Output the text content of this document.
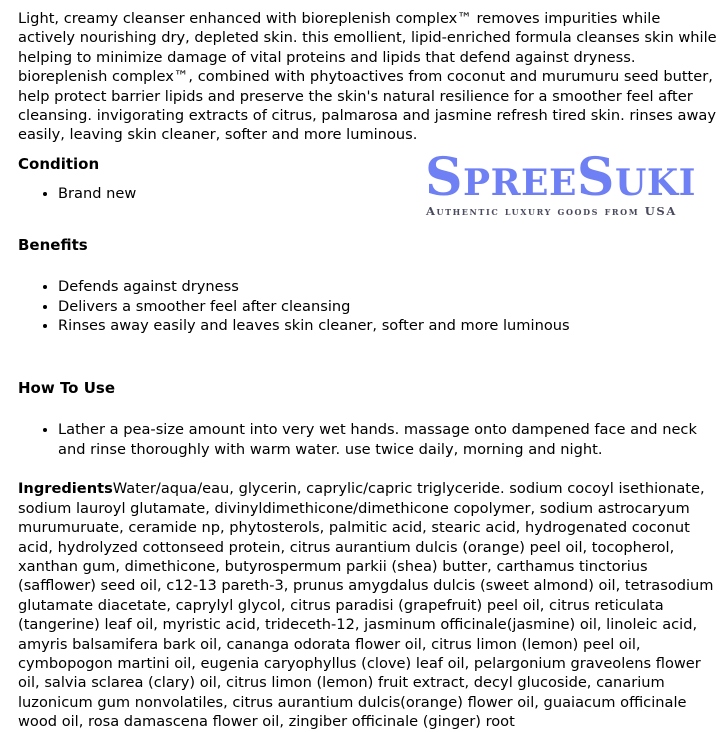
Light, creamy cleanser enhanced with bioreplenish complex™ removes impurities while actively nourishing dry, depleted skin. this emollient, lipid-enriched formula cleanses skin while helping to minimize damage of vital proteins and lipids that defend against dryness. bioreplenish complex™, combined with phytoactives from coconut and murumuru seed butter, help protect barrier lipids and preserve the skin's natural resilience for a smoother feel after cleansing. invigorating extracts of citrus, palmarosa and jasmine refresh tired skin. rinses away easily, leaving skin cleaner, softer and more luminous.

Condition
• Brand new
Benefits
• Defends against dryness
• Delivers a smoother feel after cleansing
• Rinses away easily and leaves skin cleaner, softer and more luminous
How To Use
• Lather a pea-size amount into very wet hands. massage onto dampened face and neck and rinse thoroughly with warm water. use twice daily, morning and night.

IngredientsWater/aqua/eau, glycerin, caprylic/capric triglyceride. sodium cocoyl isethionate, sodium lauroyl glutamate, divinyldimethicone/dimethicone copolymer, sodium astrocaryum murumuruate, ceramide np, phytosterols, palmitic acid, stearic acid, hydrogenated coconut acid, hydrolyzed cottonseed protein, citrus aurantium dulcis (orange) peel oil, tocopherol, xanthan gum, dimethicone, butyrospermum parkii (shea) butter, carthamus tinctorius (safflower) seed oil, c12-13 pareth-3, prunus amygdalus dulcis (sweet almond) oil, tetrasodium glutamate diacetate, caprylyl glycol, citrus paradisi (grapefruit) peel oil, citrus reticulata (tangerine) leaf oil, myristic acid, trideceth-12, jasminum officinale(jasmine) oil, linoleic acid, amyris balsamifera bark oil, cananga odorata flower oil, citrus limon (lemon) peel oil, cymbopogon martini oil, eugenia caryophyllus (clove) leaf oil, pelargonium graveolens flower oil, salvia sclarea (clary) oil, citrus limon (lemon) fruit extract, decyl glucoside, canarium luzonicum gum nonvolatiles, citrus aurantium dulcis(orange) flower oil, guaiacum officinale wood oil, rosa damascena flower oil, zingiber officinale (ginger) root

SpreeSuki
Authentic luxury goods from USA
